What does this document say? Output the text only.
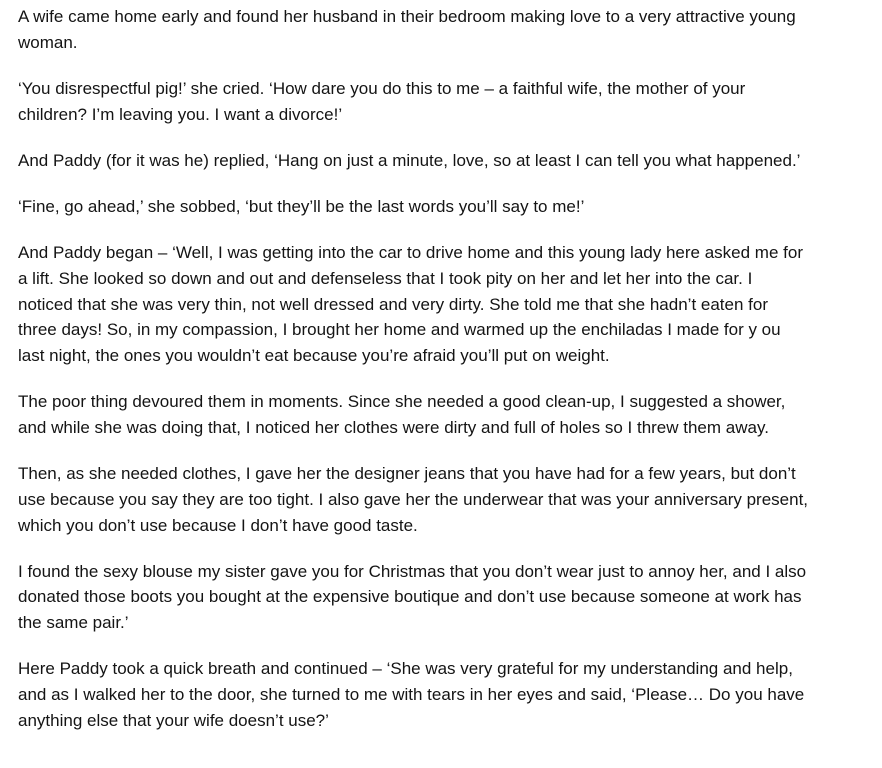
A wife came home early and found her husband in their bedroom making love to a very attractive young
woman.

‘You disrespectful pig!’ she cried. ‘How dare you do this to me – a faithful wife, the mother of your
children? I’m leaving you. I want a divorce!’

And Paddy (for it was he) replied, ‘Hang on just a minute, love, so at least I can tell you what happened.’

‘Fine, go ahead,’ she sobbed, ‘but they’ll be the last words you’ll say to me!’

And Paddy began – ‘Well, I was getting into the car to drive home and this young lady here asked me for
a lift. She looked so down and out and defenseless that I took pity on her and let her into the car. I
noticed that she was very thin, not well dressed and very dirty. She told me that she hadn’t eaten for
three days! So, in my compassion, I brought her home and warmed up the enchiladas I made for y ou
last night, the ones you wouldn’t eat because you’re afraid you’ll put on weight.

The poor thing devoured them in moments. Since she needed a good clean-up, I suggested a shower,
and while she was doing that, I noticed her clothes were dirty and full of holes so I threw them away.

Then, as she needed clothes, I gave her the designer jeans that you have had for a few years, but don’t
use because you say they are too tight. I also gave her the underwear that was your anniversary present,
which you don’t use because I don’t have good taste.

I found the sexy blouse my sister gave you for Christmas that you don’t wear just to annoy her, and I also
donated those boots you bought at the expensive boutique and don’t use because someone at work has
the same pair.’

Here Paddy took a quick breath and continued – ‘She was very grateful for my understanding and help,
and as I walked her to the door, she turned to me with tears in her eyes and said, ‘Please… Do you have
anything else that your wife doesn’t use?’
